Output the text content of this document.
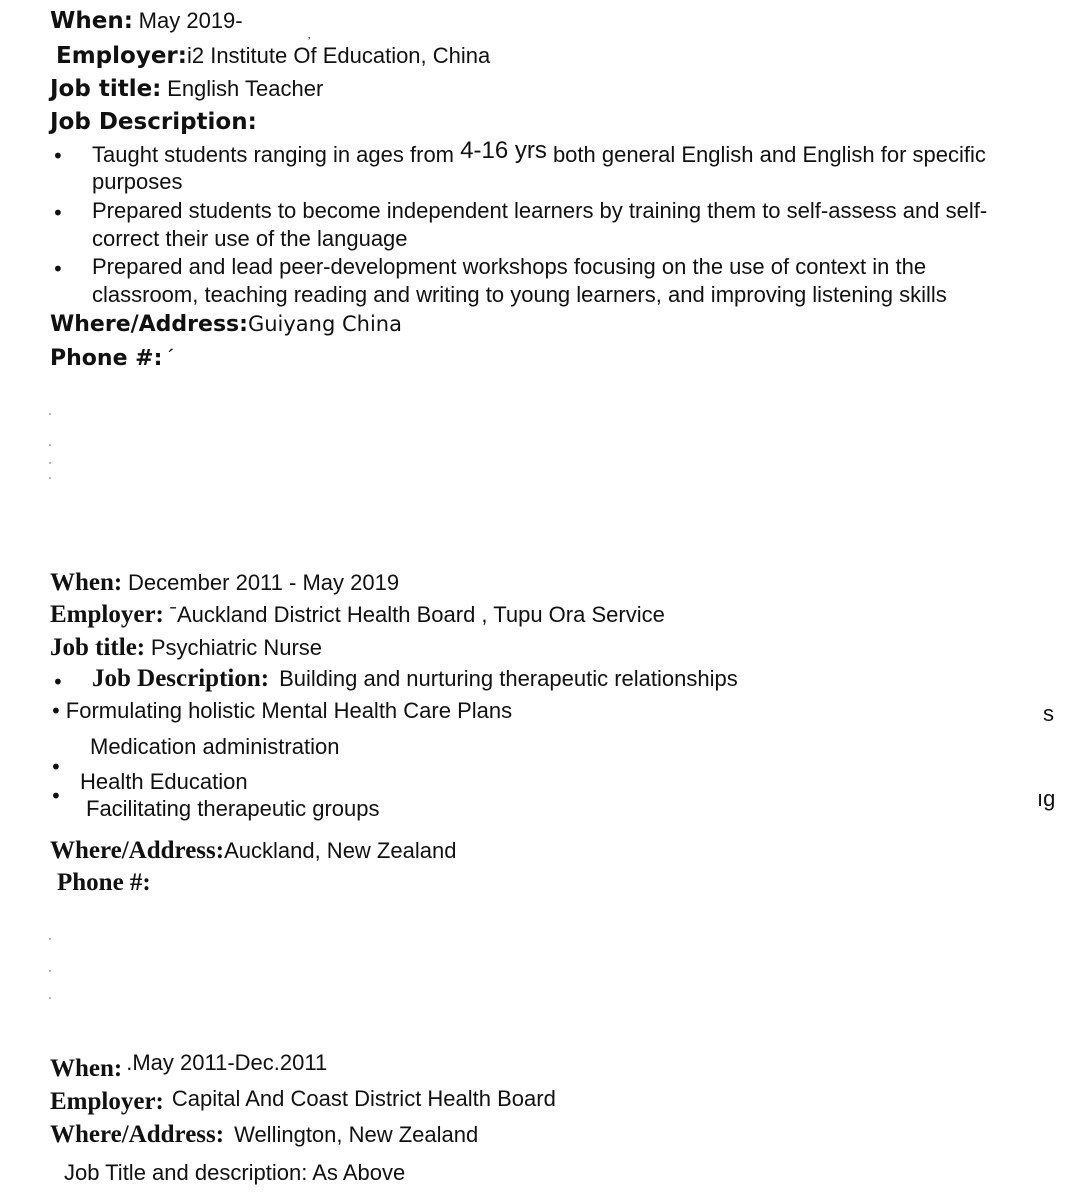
When: May 2019-
,
Employer:i2 Institute Of Education, China
Job title: English Teacher
Job Description:
• Taught students ranging in ages from 4-16 yrs both general English and English for specific
purposes
• Prepared students to become independent learners by training them to self-assess and self-
correct their use of the language
• Prepared and lead peer-development workshops focusing on the use of context in the
classroom, teaching reading and writing to young learners, and improving listening skills
Where/Address:Guiyang China
Phone #: ´
When: December 2011 - May 2019
Employer: ˉAuckland District Health Board , Tupu Ora Service
Job title: Psychiatric Nurse
• Job Description: Building and nurturing therapeutic relationships
• Formulating holistic Mental Health Care Plans	s
Medication administration
•
Health Education
• Facilitating therapeutic groups	ıg
Where/Address:Auckland, New Zealand
Phone #:
When: .May 2011-Dec.2011
Employer: Capital And Coast District Health Board
Where/Address: Wellington, New Zealand
Job Title and description: As Above
